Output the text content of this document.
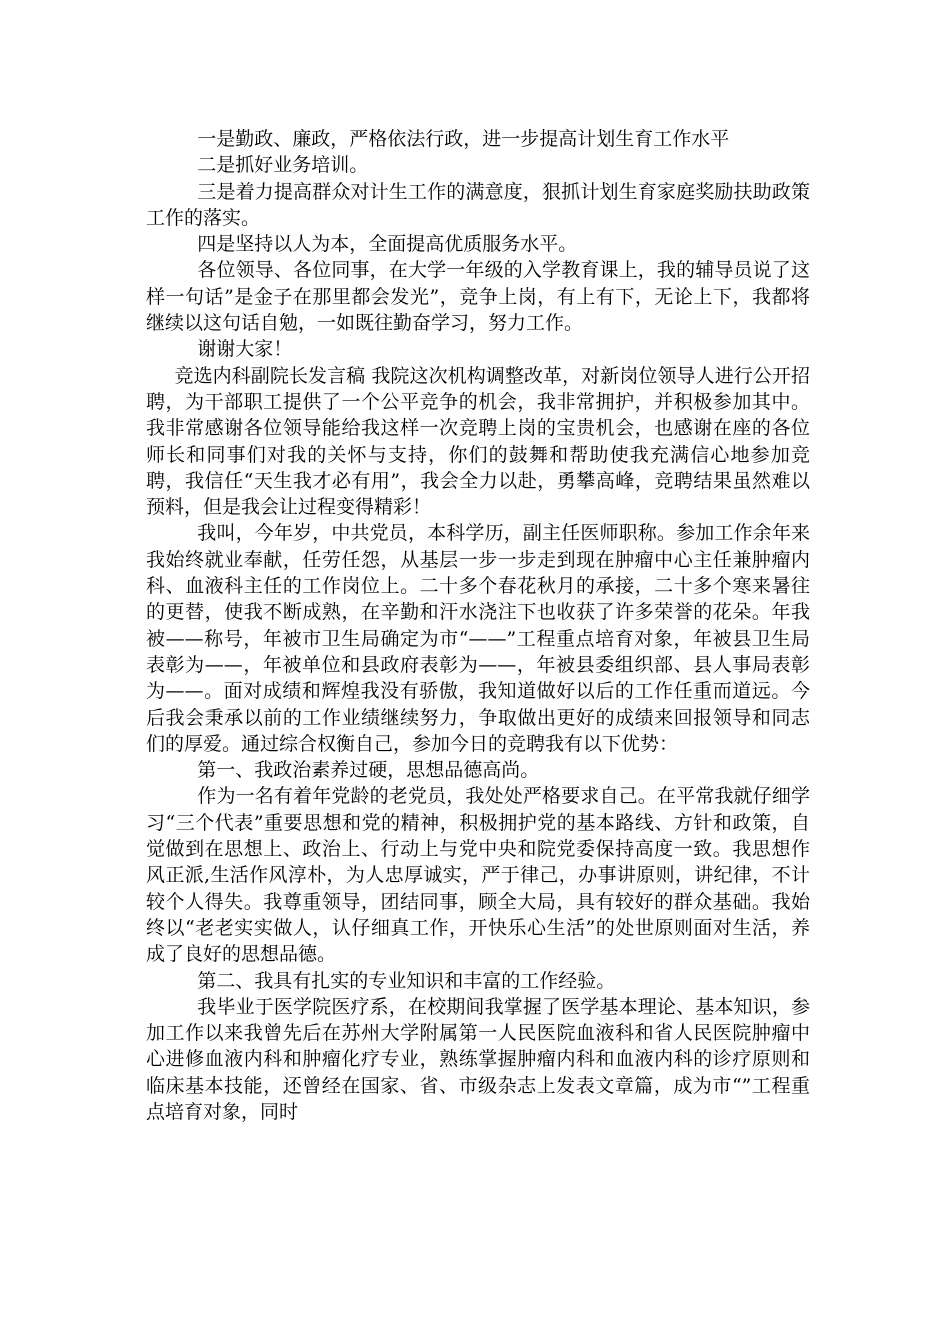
一是勤政、廉政，严格依法行政，进一步提高计划生育工作水平

二是抓好业务培训。

三是着力提高群众对计生工作的满意度，狠抓计划生育家庭奖励扶助政策工作的落实。

四是坚持以人为本，全面提高优质服务水平。

各位领导、各位同事，在大学一年级的入学教育课上，我的辅导员说了这样一句话”是金子在那里都会发光”，竞争上岗，有上有下，无论上下，我都将继续以这句话自勉，一如既往勤奋学习，努力工作。

谢谢大家！

竞选内科副院长发言稿 我院这次机构调整改革，对新岗位领导人进行公开招聘，为干部职工提供了一个公平竞争的机会，我非常拥护，并积极参加其中。我非常感谢各位领导能给我这样一次竞聘上岗的宝贵机会，也感谢在座的各位师长和同事们对我的关怀与支持，你们的鼓舞和帮助使我充满信心地参加竞聘，我信任“天生我才必有用”，我会全力以赴，勇攀高峰，竞聘结果虽然难以预料，但是我会让过程变得精彩！

我叫，今年岁，中共党员，本科学历，副主任医师职称。参加工作余年来我始终就业奉献，任劳任怨，从基层一步一步走到现在肿瘤中心主任兼肿瘤内科、血液科主任的工作岗位上。二十多个春花秋月的承接，二十多个寒来暑往的更替，使我不断成熟，在辛勤和汗水浇注下也收获了许多荣誉的花朵。年我被——称号，年被市卫生局确定为市“——”工程重点培育对象，年被县卫生局表彰为——，年被单位和县政府表彰为——，年被县委组织部、县人事局表彰为——。面对成绩和辉煌我没有骄傲，我知道做好以后的工作任重而道远。今后我会秉承以前的工作业绩继续努力，争取做出更好的成绩来回报领导和同志们的厚爱。通过综合权衡自己，参加今日的竞聘我有以下优势：

第一、我政治素养过硬，思想品德高尚。

作为一名有着年党龄的老党员，我处处严格要求自己。在平常我就仔细学习“三个代表”重要思想和党的精神，积极拥护党的基本路线、方针和政策，自觉做到在思想上、政治上、行动上与党中央和院党委保持高度一致。我思想作风正派,生活作风淳朴，为人忠厚诚实，严于律己，办事讲原则，讲纪律，不计较个人得失。我尊重领导，团结同事，顾全大局，具有较好的群众基础。我始终以“老老实实做人，认仔细真工作，开快乐心生活”的处世原则面对生活，养成了良好的思想品德。

第二、我具有扎实的专业知识和丰富的工作经验。

我毕业于医学院医疗系，在校期间我掌握了医学基本理论、基本知识，参加工作以来我曾先后在苏州大学附属第一人民医院血液科和省人民医院肿瘤中心进修血液内科和肿瘤化疗专业，熟练掌握肿瘤内科和血液内科的诊疗原则和临床基本技能，还曾经在国家、省、市级杂志上发表文章篇，成为市“”工程重点培育对象，同时
